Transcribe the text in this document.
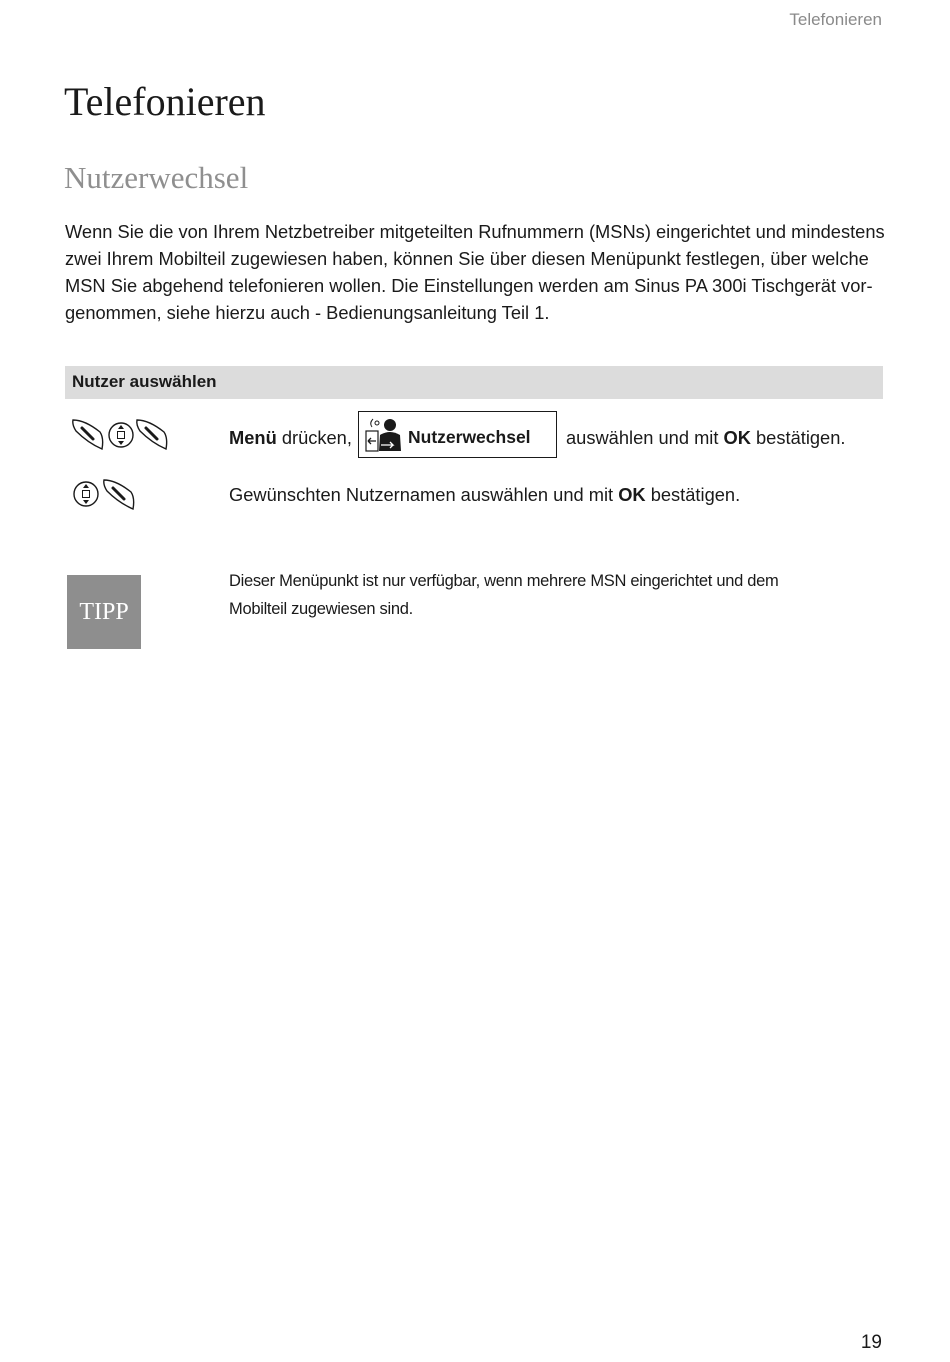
Telefonieren
Telefonieren
Nutzerwechsel

Wenn Sie die von Ihrem Netzbetreiber mitgeteilten Rufnummern (MSNs) eingerichtet und mindestens zwei Ihrem Mobilteil zugewiesen haben, können Sie über diesen Menüpunkt festlegen, über welche MSN Sie abgehend telefonieren wollen. Die Einstellungen werden am Sinus PA 300i Tischgerät vor-genommen, siehe hierzu auch - Bedienungsanleitung Teil 1.

Nutzer auswählen
Menü drücken,	Nutzerwechsel auswählen und mit OK bestätigen.
Gewünschten Nutzernamen auswählen und mit OK bestätigen.
TIPP

Dieser Menüpunkt ist nur verfügbar, wenn mehrere MSN eingerichtet und dem Mobilteil zugewiesen sind.

19
